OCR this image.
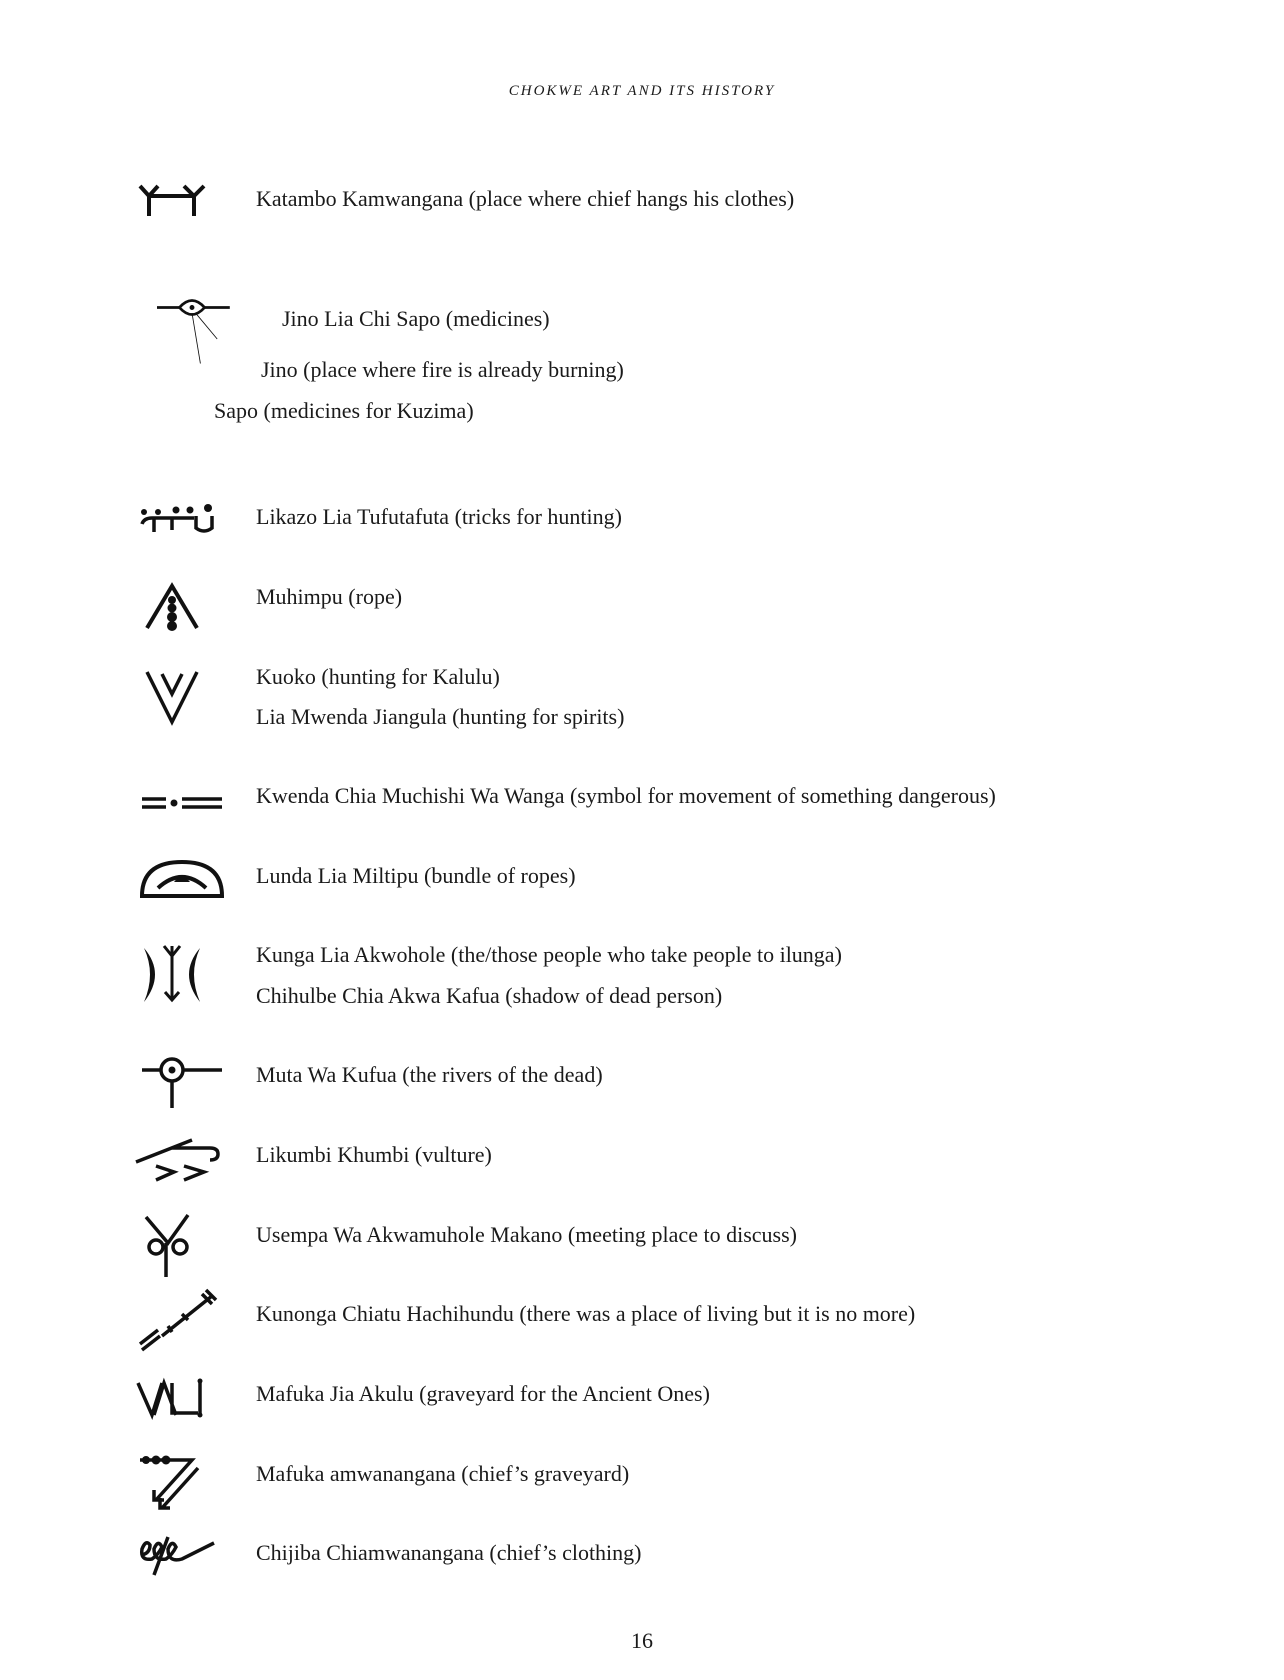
CHOKWE ART AND ITS HISTORY
Katambo Kamwangana (place where chief hangs his clothes)
Jino Lia Chi Sapo (medicines)
Jino (place where fire is already burning)
Sapo (medicines for Kuzima)
Likazo Lia Tufutafuta (tricks for hunting)
Muhimpu (rope)
Kuoko (hunting for Kalulu)
Lia Mwenda Jiangula (hunting for spirits)
Kwenda Chia Muchishi Wa Wanga (symbol for movement of something dangerous)
Lunda Lia Miltipu (bundle of ropes)
Kunga Lia Akwohole (the/those people who take people to ilunga)
Chihulbe Chia Akwa Kafua (shadow of dead person)
Muta Wa Kufua (the rivers of the dead)
Likumbi Khumbi (vulture)
Usempa Wa Akwamuhole Makano (meeting place to discuss)
Kunonga Chiatu Hachihundu (there was a place of living but it is no more)
Mafuka Jia Akulu (graveyard for the Ancient Ones)
Mafuka amwanangana (chief’s graveyard)
Chijiba Chiamwanangana (chief’s clothing)
16
